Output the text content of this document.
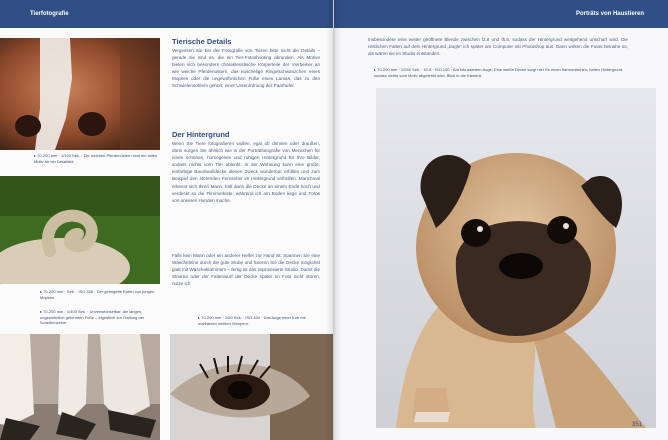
Tierfotografie
▸ 70-200 mm · 1/320 Sek. · Die weichen Pferdenüstern sind ein tolles Motiv für ein Detailbild.
▸ 70-200 mm · Sek. · ISO 400 · Der geringelte Ruten von jungen Mopses.
▸ 70-200 mm · 1/400 Sek. · Unverwechselbar: die langen, ungewöhnlich geformten Füße – eigentlich zur Gattung der Scheibenzeher
▸ 70-200 mm · 1/60 Sek. · ISO 400 · Das Auge einer Kuh mit markanten weißen Wimpern.
Tierische Details
Vergessen Sie bei der Fotografie von Tieren bitte nicht die Details – gerade sie sind es, die ein Tier-Fotoshooting abrunden. Als Motive bieten sich besonders charakteristische Körperteile der Vierbeiner an wie weiche Pferdenüstern, das kuschelige Ringelschwänzchen eines Mopses oder die ungewöhnlichen Füße eines Lamas, das zu den Schwielensohlern gehört, einer Unterordnung der Paarhufer.
Der Hintergrund
Wenn Sie Tiere fotografieren wollen, egal ob drinnen oder draußen, dann sorgen Sie ähnlich wie in der Porträtfotografie von Menschen für einen schönen, homogenen und ruhigen Hintergrund für Ihre Bilder, sodass nichts vom Tier ablenkt. In der Wohnung kann eine große, einfarbige Baumwolldecke diesen Zweck wunderbar erfüllen und zum Beispiel den störenden Fernseher im Hintergrund verhüllen. Manchmal erkennt sich Ihren Mann, hält dann die Decke an einem Ende hoch und verdeckt so die Flimmerkiste, während ich am Boden liege und Fotos von unseren Hunden mache.
Falls kein Mann oder ein anderer Helfer zur Hand ist: Spannen Sie eine Wäscheleine durch die gute Stube und fixieren Sie die Decke möglichst glatt mit Wäscheklammern – fertig ist das improvisierte Studio. Damit die Struktur oder der Faltenwurf der Decke später im Foto nicht stören, nutze ich
Porträts von Haustieren
Insbesondere eine weiter geöffnete Blende zwischen f2.8 und f5.6, sodass der Hintergrund weitgehend unscharf wird. Die restlichen Falten auf dem Hintergrund „bügle“ ich später am Computer mit Photoshop aus. Dann wirken die Fotos beinahe so, als wären sie im Studio entstanden.
▸ 70-200 mm · 1/250 Sek. · f/2.8 · ISO 100 · Am fokussierten Auge: Eine weiße Decke sorgt hier für einen harmonischen, hellen Hintergrund, sodass nichts vom Motiv abgelenkt wird. Blick in die Kamera.
351
